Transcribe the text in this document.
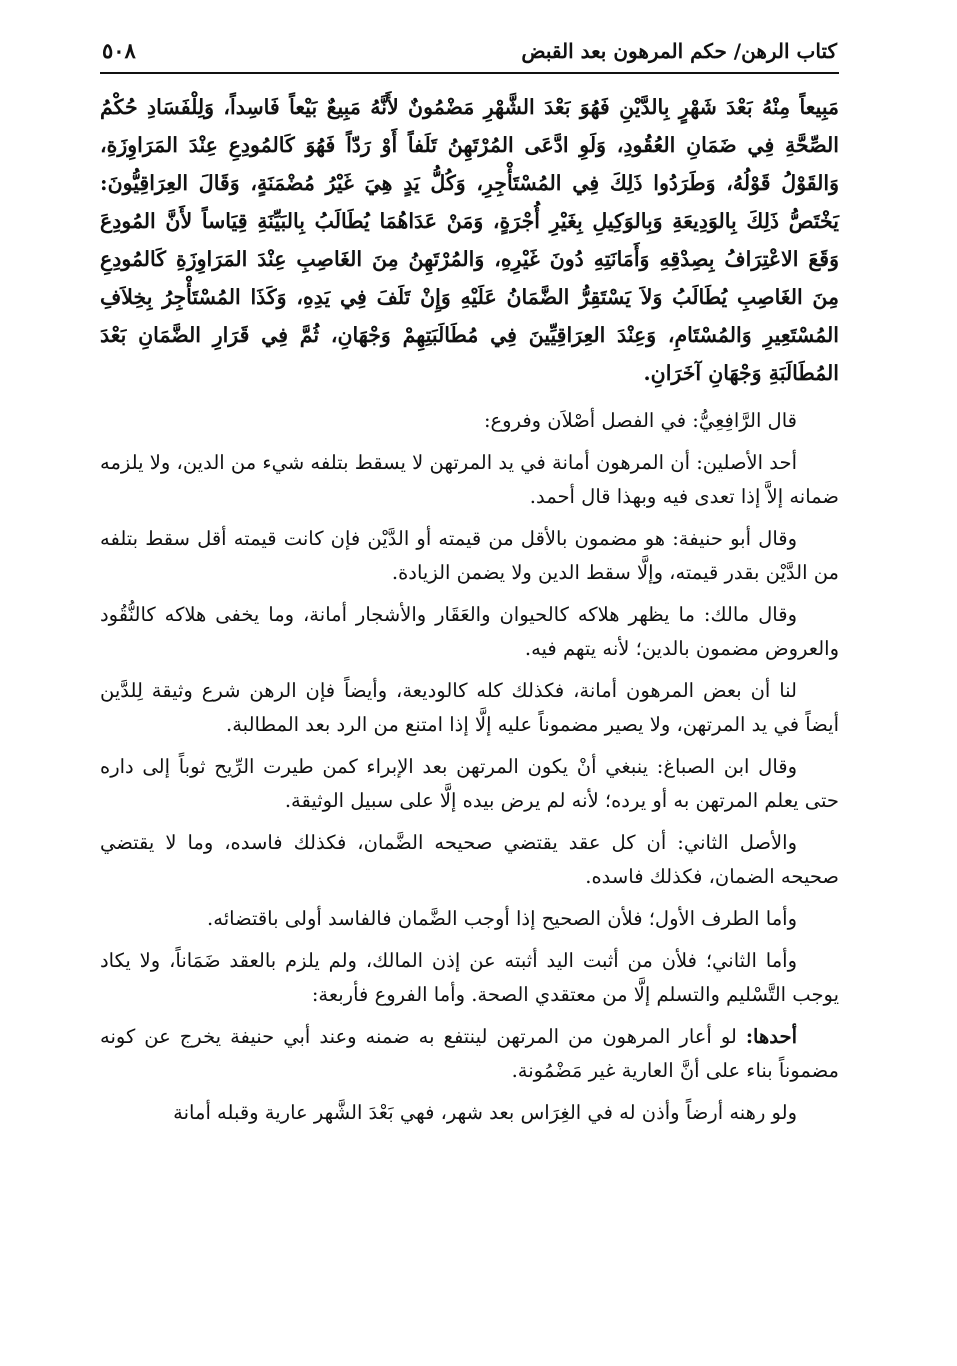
كتاب الرهن/ حكم المرهون بعد القبض
٥٠٨
مَبِيعاً مِنْهُ بَعْدَ شَهْرٍ بِالدَّيْنِ فَهُوَ بَعْدَ الشَّهْرِ مَضْمُونٌ لأَنَّهُ مَبِيعٌ بَيْعاً فَاسِداً، وَلِلْفَسَادِ حُكْمُ الصِّحَّةِ فِي ضَمَانِ العُقُودِ، وَلَوِ ادَّعَى المُرْتَهِنُ تَلَفاً أَوْ رَدّاً فَهُوَ كَالمُودِعِ عِنْدَ المَرَاوِزَةِ، وَالقَوْلُ قَوْلُهُ، وَطَرَدُوا ذَلِكَ فِي المُسْتَأْجِرِ، وَكُلُّ يَدٍ هِيَ غَيْرُ مُضْمَنَةٍ، وَقَالَ العِرَاقِيُّونَ: يَخْتَصُّ ذَلِكَ بِالوَدِيعَةِ وَبِالوَكِيلِ بِغَيْرِ أُجْرَةٍ، وَمَنْ عَدَاهُمَا يُطَالَبُ بِالبَيِّنَةِ قِيَاساً لأَنَّ المُودِعَ وَقَعَ الاعْتِرَافُ بِصِدْقِهِ وَأَمَانَتِهِ دُونَ غَيْرِهِ، وَالمُرْتَهِنُ مِنَ الغَاصِبِ عِنْدَ المَرَاوِزَةِ كَالمُودِعِ مِنَ الغَاصِبِ يُطَالَبُ وَلاَ يَسْتَقِرُّ الضَّمَانُ عَلَيْهِ وَإِنْ تَلَفَ فِي يَدِهِ، وَكَذَا المُسْتَأْجِرُ بِخِلاَفِ المُسْتَعِيرِ وَالمُسْتَامِ، وَعِنْدَ العِرَاقِيِّينَ فِي مُطَالَبَتِهِمْ وَجْهَانِ، ثُمَّ فِي قَرَارِ الضَّمَانِ بَعْدَ المُطَالَبَةِ وَجْهَانِ آخَرَانِ.

قال الرَّافِعِيُّ: في الفصل أصْلاَن وفروع:

أحد الأصلين: أن المرهون أمانة في يد المرتهن لا يسقط بتلفه شيء من الدين، ولا يلزمه ضمانه إلاَّ إذا تعدى فيه وبهذا قال أحمد.

وقال أبو حنيفة: هو مضمون بالأقل من قيمته أو الدَّيْن فإن كانت قيمته أقل سقط بتلفه من الدَّيْن بقدر قيمته، وإلَّا سقط الدين ولا يضمن الزيادة.

وقال مالك: ما يظهر هلاكه كالحيوان والعَقَار والأشجار أمانة، وما يخفى هلاكه كالنُّقُود والعروض مضمون بالدين؛ لأنه يتهم فيه.

لنا أن بعض المرهون أمانة، فكذلك كله كالوديعة، وأيضاً فإن الرهن شرع وثيقة لِلدَّين أيضاً في يد المرتهن، ولا يصير مضموناً عليه إلَّا إذا امتنع من الرد بعد المطالبة.

وقال ابن الصباغ: ينبغي أنْ يكون المرتهن بعد الإبراء كمن طيرت الرِّيح ثوباً إلى داره حتى يعلم المرتهن به أو يرده؛ لأنه لم يرض بيده إلَّا على سبيل الوثيقة.

والأصل الثاني: أن كل عقد يقتضي صحيحه الضَّمان، فكذلك فاسده، وما لا يقتضي صحيحه الضمان، فكذلك فاسده.

وأما الطرف الأول؛ فلأن الصحيح إذا أوجب الضَّمان فالفاسد أولى باقتضائه.

وأما الثاني؛ فلأن من أثبت اليد أثبته عن إذن المالك، ولم يلزم بالعقد ضَمَاناً، ولا يكاد يوجب التَّسْليم والتسلم إلَّا من معتقدي الصحة. وأما الفروع فأربعة:

أحدها: لو أعار المرهون من المرتهن لينتفع به ضمنه وعند أبي حنيفة يخرج عن كونه مضموناً بناء على أنَّ العارية غير مَضْمُونة.

ولو رهنه أرضاً وأذن له في الغِرَاس بعد شهر، فهي بَعْدَ الشَّهر عارية وقبله أمانة
